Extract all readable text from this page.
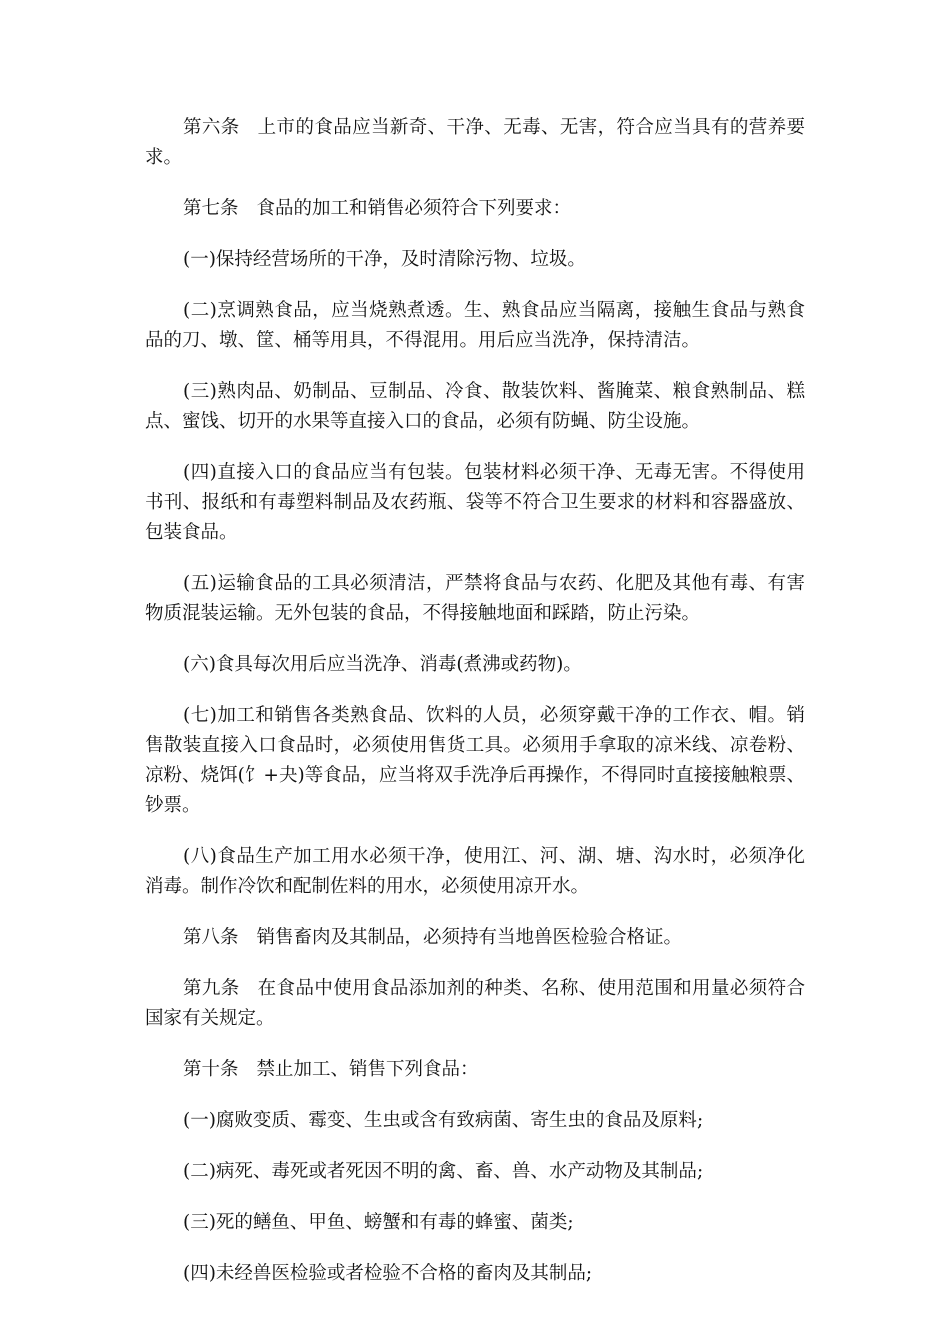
第六条 上市的食品应当新奇、干净、无毒、无害，符合应当具有的营养要求。

第七条 食品的加工和销售必须符合下列要求：

(一)保持经营场所的干净，及时清除污物、垃圾。

(二)烹调熟食品，应当烧熟煮透。生、熟食品应当隔离，接触生食品与熟食品的刀、墩、筐、桶等用具，不得混用。用后应当洗净，保持清洁。

(三)熟肉品、奶制品、豆制品、冷食、散装饮料、酱腌菜、粮食熟制品、糕点、蜜饯、切开的水果等直接入口的食品，必须有防蝇、防尘设施。

(四)直接入口的食品应当有包装。包装材料必须干净、无毒无害。不得使用书刊、报纸和有毒塑料制品及农药瓶、袋等不符合卫生要求的材料和容器盛放、包装食品。

(五)运输食品的工具必须清洁，严禁将食品与农药、化肥及其他有毒、有害物质混装运输。无外包装的食品，不得接触地面和踩踏，防止污染。

(六)食具每次用后应当洗净、消毒(煮沸或药物)。

(七)加工和销售各类熟食品、饮料的人员，必须穿戴干净的工作衣、帽。销售散装直接入口食品时，必须使用售货工具。必须用手拿取的凉米线、凉卷粉、凉粉、烧饵(饣+夬)等食品，应当将双手洗净后再操作，不得同时直接接触粮票、钞票。

(八)食品生产加工用水必须干净，使用江、河、湖、塘、沟水时，必须净化消毒。制作冷饮和配制佐料的用水，必须使用凉开水。

第八条 销售畜肉及其制品，必须持有当地兽医检验合格证。

第九条 在食品中使用食品添加剂的种类、名称、使用范围和用量必须符合国家有关规定。

第十条 禁止加工、销售下列食品：

(一)腐败变质、霉变、生虫或含有致病菌、寄生虫的食品及原料;

(二)病死、毒死或者死因不明的禽、畜、兽、水产动物及其制品;

(三)死的鳝鱼、甲鱼、螃蟹和有毒的蜂蜜、菌类;

(四)未经兽医检验或者检验不合格的畜肉及其制品;
